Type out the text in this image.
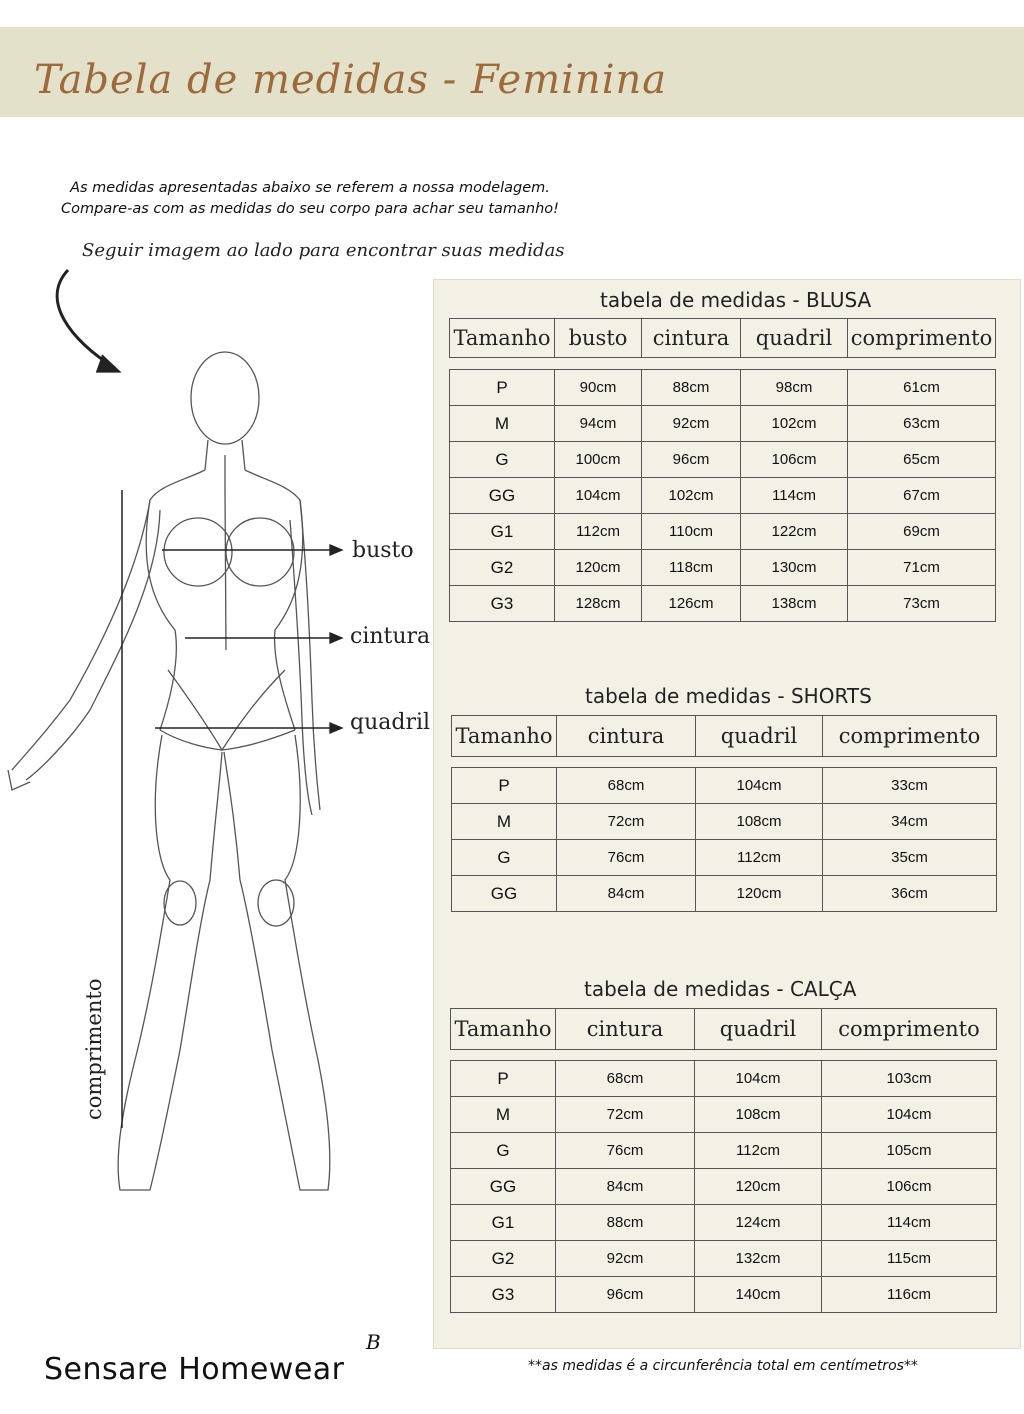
Tabela de medidas - Feminina
As medidas apresentadas abaixo se referem a nossa modelagem.
Compare-as com as medidas do seu corpo para achar seu tamanho!
Seguir imagem ao lado para encontrar suas medidas
busto
cintura
quadril
comprimento
tabela de medidas - BLUSA
Tamanho	busto	cintura	quadril	comprimento
P	90cm	88cm	98cm	61cm
M	94cm	92cm	102cm	63cm
G	100cm	96cm	106cm	65cm
GG	104cm	102cm	114cm	67cm
G1	112cm	110cm	122cm	69cm
G2	120cm	118cm	130cm	71cm
G3	128cm	126cm	138cm	73cm
tabela de medidas - SHORTS
Tamanho	cintura	quadril	comprimento
P	68cm	104cm	33cm
M	72cm	108cm	34cm
G	76cm	112cm	35cm
GG	84cm	120cm	36cm
tabela de medidas - CALÇA
Tamanho	cintura	quadril	comprimento
P	68cm	104cm	103cm
M	72cm	108cm	104cm
G	76cm	112cm	105cm
GG	84cm	120cm	106cm
G1	88cm	124cm	114cm
G2	92cm	132cm	115cm
G3	96cm	140cm	116cm
Sensare Homewear
B
**as medidas é a circunferência total em centímetros**
